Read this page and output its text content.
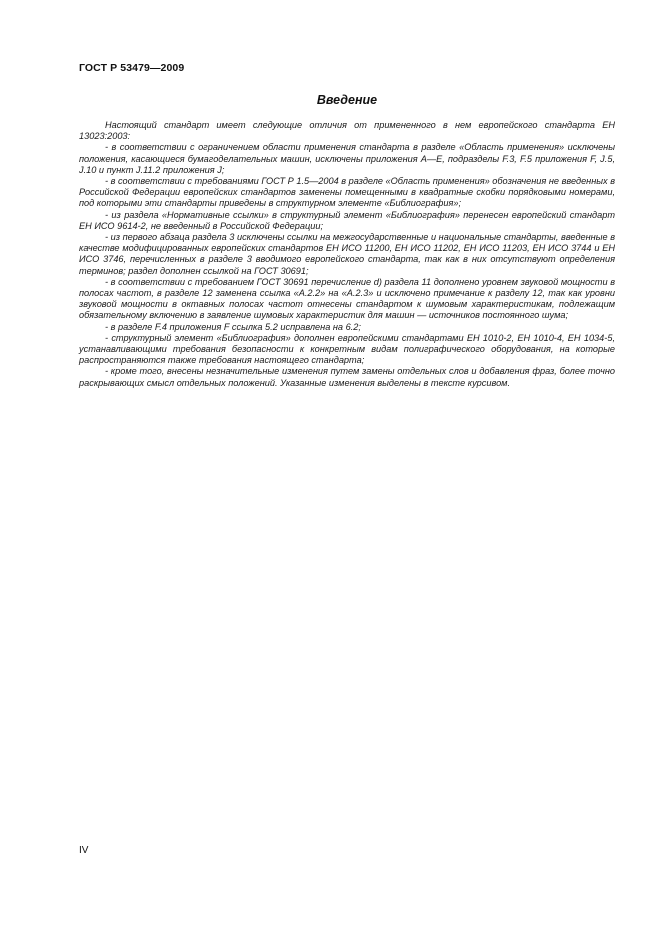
ГОСТ Р 53479—2009
Введение

Настоящий стандарт имеет следующие отличия от примененного в нем европейского стандарта ЕН 13023:2003:

- в соответствии с ограничением области применения стандарта в разделе «Область применения» исключены положения, касающиеся бумагоделательных машин, исключены приложения А—Е, подразделы F.3, F.5 приложения F, J.5, J.10 и пункт J.11.2 приложения J;

- в соответствии с требованиями ГОСТ Р 1.5—2004 в разделе «Область применения» обозначения не введенных в Российской Федерации европейских стандартов заменены помещенными в квадратные скобки порядковыми номерами, под которыми эти стандарты приведены в структурном элементе «Библиография»;

- из раздела «Нормативные ссылки» в структурный элемент «Библиография» перенесен европейский стандарт ЕН ИСО 9614-2, не введенный в Российской Федерации;

- из первого абзаца раздела 3 исключены ссылки на межгосударственные и национальные стандарты, введенные в качестве модифицированных европейских стандартов ЕН ИСО 11200, ЕН ИСО 11202, ЕН ИСО 11203, ЕН ИСО 3744 и ЕН ИСО 3746, перечисленных в разделе 3 вводимого европейского стандарта, так как в них отсутствуют определения терминов; раздел дополнен ссылкой на ГОСТ 30691;

- в соответствии с требованием ГОСТ 30691 перечисление d) раздела 11 дополнено уровнем звуковой мощности в полосах частот, в разделе 12 заменена ссылка «А.2.2» на «А.2.3» и исключено примечание к разделу 12, так как уровни звуковой мощности в октавных полосах частот отнесены стандартом к шумовым характеристикам, подлежащим обязательному включению в заявление шумовых характеристик для машин — источников постоянного шума;

- в разделе F.4 приложения F ссылка 5.2 исправлена на 6.2;

- структурный элемент «Библиография» дополнен европейскими стандартами ЕН 1010-2, ЕН 1010-4, ЕН 1034-5, устанавливающими требования безопасности к конкретным видам полиграфического оборудования, на которые распространяются также требования настоящего стандарта;

- кроме того, внесены незначительные изменения путем замены отдельных слов и добавления фраз, более точно раскрывающих смысл отдельных положений. Указанные изменения выделены в тексте курсивом.

IV
